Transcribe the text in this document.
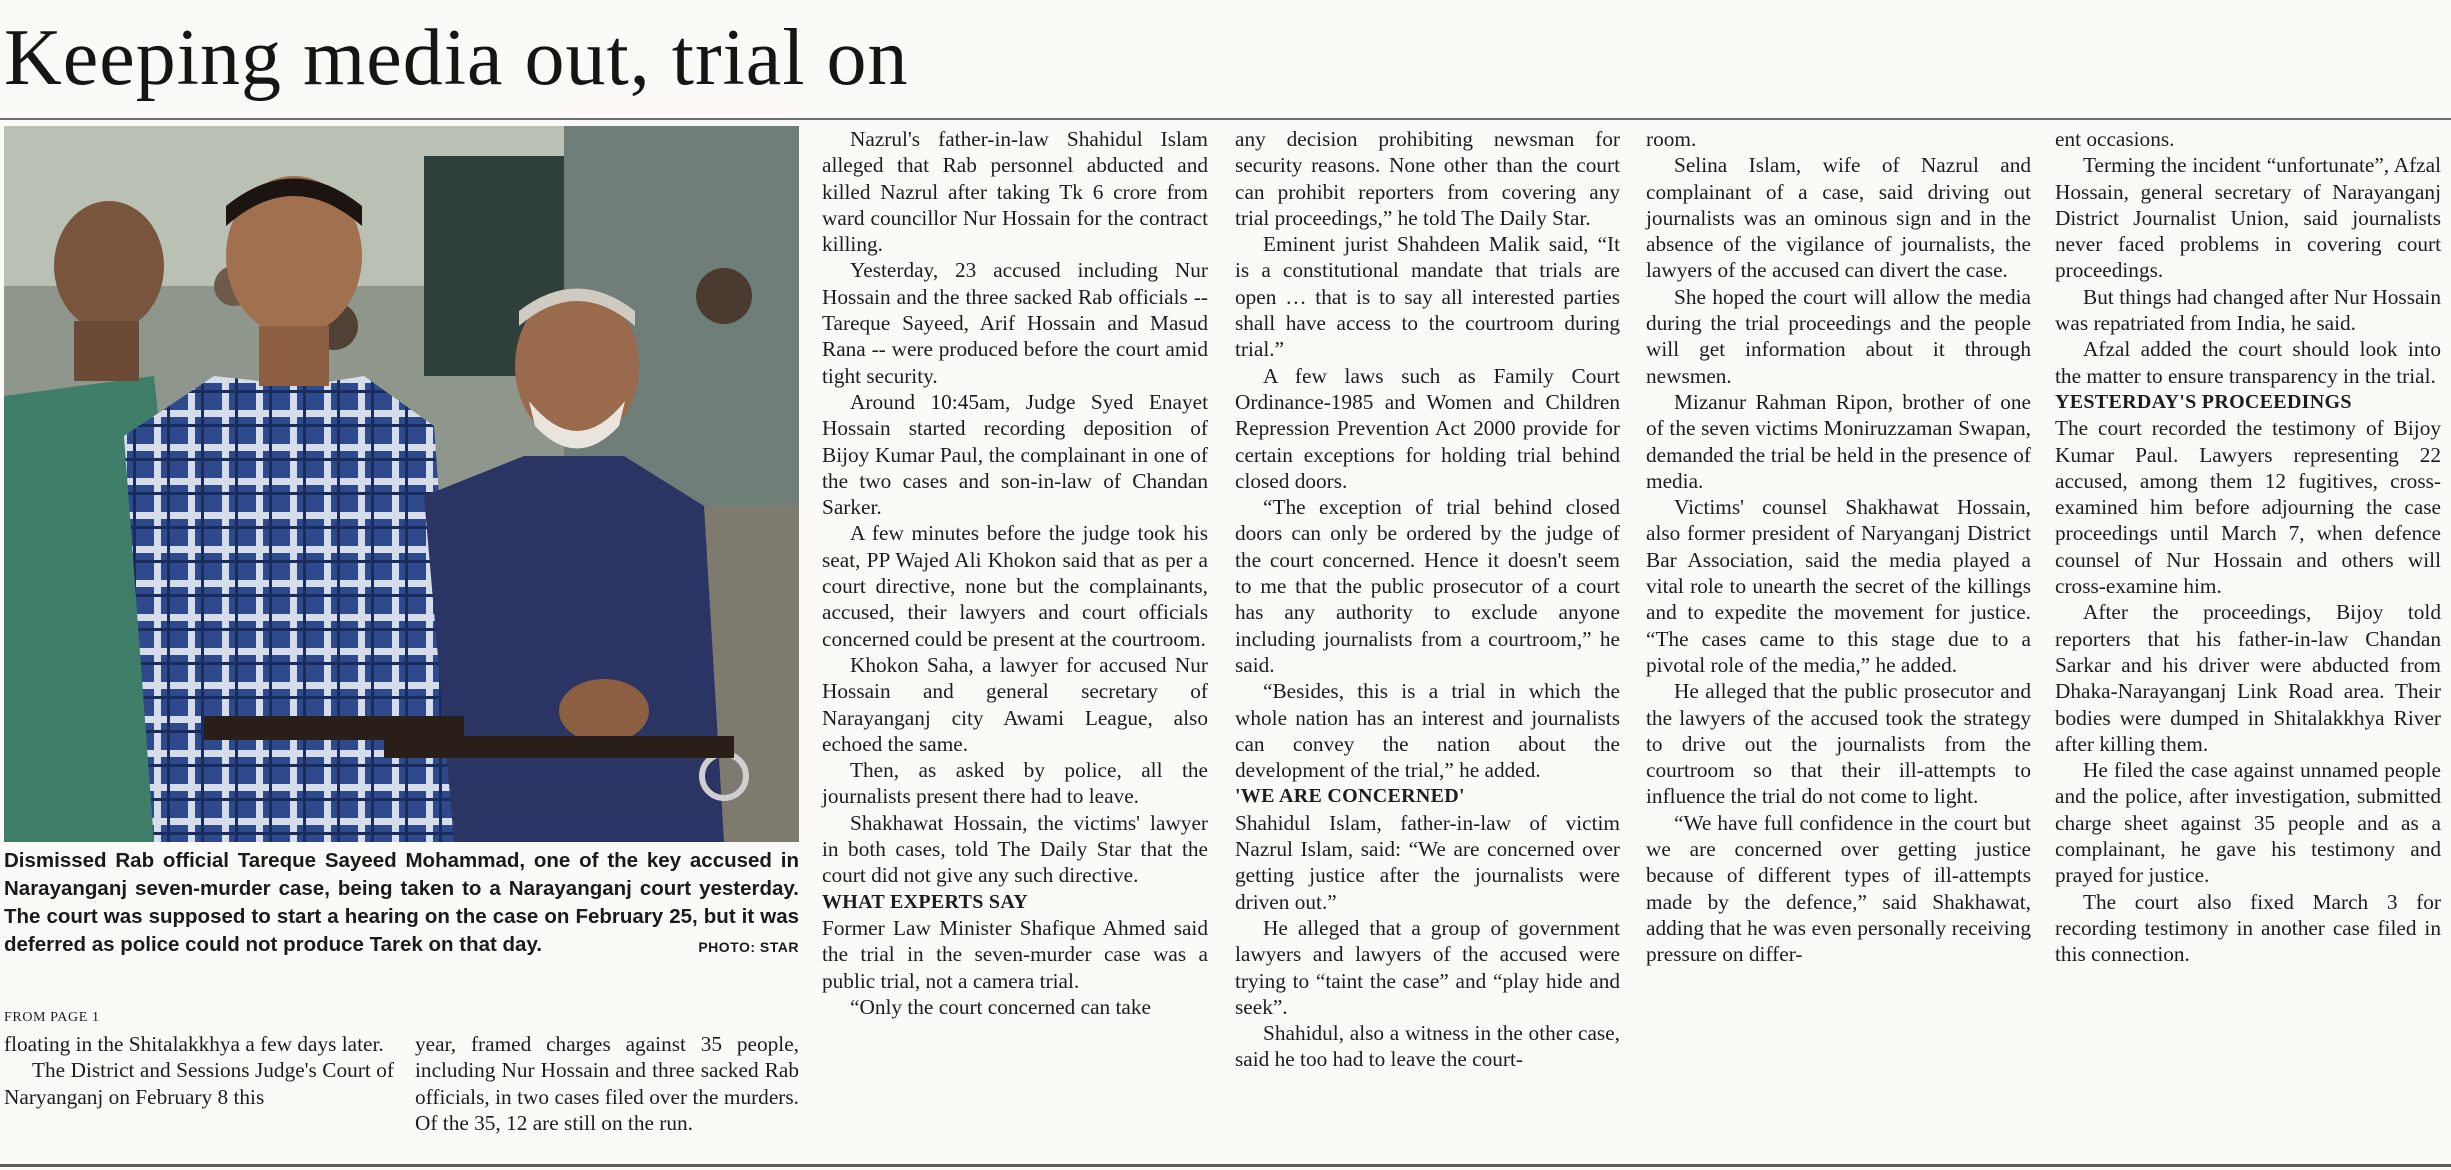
Keeping media out, trial on

Dismissed Rab official Tareque Sayeed Mohammad, one of the key accused in Narayanganj seven-murder case, being taken to a Narayanganj court yesterday. The court was supposed to start a hearing on the case on February 25, but it was deferred as police could not produce Tarek on that day.	PHOTO: STAR

FROM PAGE 1

floating in the Shitalakkhya a few days later.

The District and Sessions Judge's Court of Naryanganj on February 8 this

year, framed charges against 35 people, including Nur Hossain and three sacked Rab officials, in two cases filed over the murders. Of the 35, 12 are still on the run.

Nazrul's father-in-law Shahidul Islam alleged that Rab personnel abducted and killed Nazrul after taking Tk 6 crore from ward councillor Nur Hossain for the contract killing.

Yesterday, 23 accused including Nur Hossain and the three sacked Rab officials -- Tareque Sayeed, Arif Hossain and Masud Rana -- were produced before the court amid tight security.

Around 10:45am, Judge Syed Enayet Hossain started recording deposition of Bijoy Kumar Paul, the complainant in one of the two cases and son-in-law of Chandan Sarker.

A few minutes before the judge took his seat, PP Wajed Ali Khokon said that as per a court directive, none but the complainants, accused, their lawyers and court officials concerned could be present at the courtroom.

Khokon Saha, a lawyer for accused Nur Hossain and general secretary of Narayanganj city Awami League, also echoed the same.

Then, as asked by police, all the journalists present there had to leave.

Shakhawat Hossain, the victims' lawyer in both cases, told The Daily Star that the court did not give any such directive.

WHAT EXPERTS SAY

Former Law Minister Shafique Ahmed said the trial in the seven-murder case was a public trial, not a camera trial.

“Only the court concerned can take

any decision prohibiting newsman for security reasons. None other than the court can prohibit reporters from covering any trial proceedings,” he told The Daily Star.

Eminent jurist Shahdeen Malik said, “It is a constitutional mandate that trials are open … that is to say all interested parties shall have access to the courtroom during trial.”

A few laws such as Family Court Ordinance-1985 and Women and Children Repression Prevention Act 2000 provide for certain exceptions for holding trial behind closed doors.

“The exception of trial behind closed doors can only be ordered by the judge of the court concerned. Hence it doesn't seem to me that the public prosecutor of a court has any authority to exclude anyone including journalists from a courtroom,” he said.

“Besides, this is a trial in which the whole nation has an interest and journalists can convey the nation about the development of the trial,” he added.

'WE ARE CONCERNED'

Shahidul Islam, father-in-law of victim Nazrul Islam, said: “We are concerned over getting justice after the journalists were driven out.”

He alleged that a group of government lawyers and lawyers of the accused were trying to “taint the case” and “play hide and seek”.

Shahidul, also a witness in the other case, said he too had to leave the court-

room.

Selina Islam, wife of Nazrul and complainant of a case, said driving out journalists was an ominous sign and in the absence of the vigilance of journalists, the lawyers of the accused can divert the case.

She hoped the court will allow the media during the trial proceedings and the people will get information about it through newsmen.

Mizanur Rahman Ripon, brother of one of the seven victims Moniruzzaman Swapan, demanded the trial be held in the presence of media.

Victims' counsel Shakhawat Hossain, also former president of Naryanganj District Bar Association, said the media played a vital role to unearth the secret of the killings and to expedite the movement for justice. “The cases came to this stage due to a pivotal role of the media,” he added.

He alleged that the public prosecutor and the lawyers of the accused took the strategy to drive out the journalists from the courtroom so that their ill-attempts to influence the trial do not come to light.

“We have full confidence in the court but we are concerned over getting justice because of different types of ill-attempts made by the defence,” said Shakhawat, adding that he was even personally receiving pressure on differ-

ent occasions.

Terming the incident “unfortunate”, Afzal Hossain, general secretary of Narayanganj District Journalist Union, said journalists never faced problems in covering court proceedings.

But things had changed after Nur Hossain was repatriated from India, he said.

Afzal added the court should look into the matter to ensure transparency in the trial.

YESTERDAY'S PROCEEDINGS

The court recorded the testimony of Bijoy Kumar Paul. Lawyers representing 22 accused, among them 12 fugitives, cross-examined him before adjourning the case proceedings until March 7, when defence counsel of Nur Hossain and others will cross-examine him.

After the proceedings, Bijoy told reporters that his father-in-law Chandan Sarkar and his driver were abducted from Dhaka-Narayanganj Link Road area. Their bodies were dumped in Shitalakkhya River after killing them.

He filed the case against unnamed people and the police, after investigation, submitted charge sheet against 35 people and as a complainant, he gave his testimony and prayed for justice.

The court also fixed March 3 for recording testimony in another case filed in this connection.
